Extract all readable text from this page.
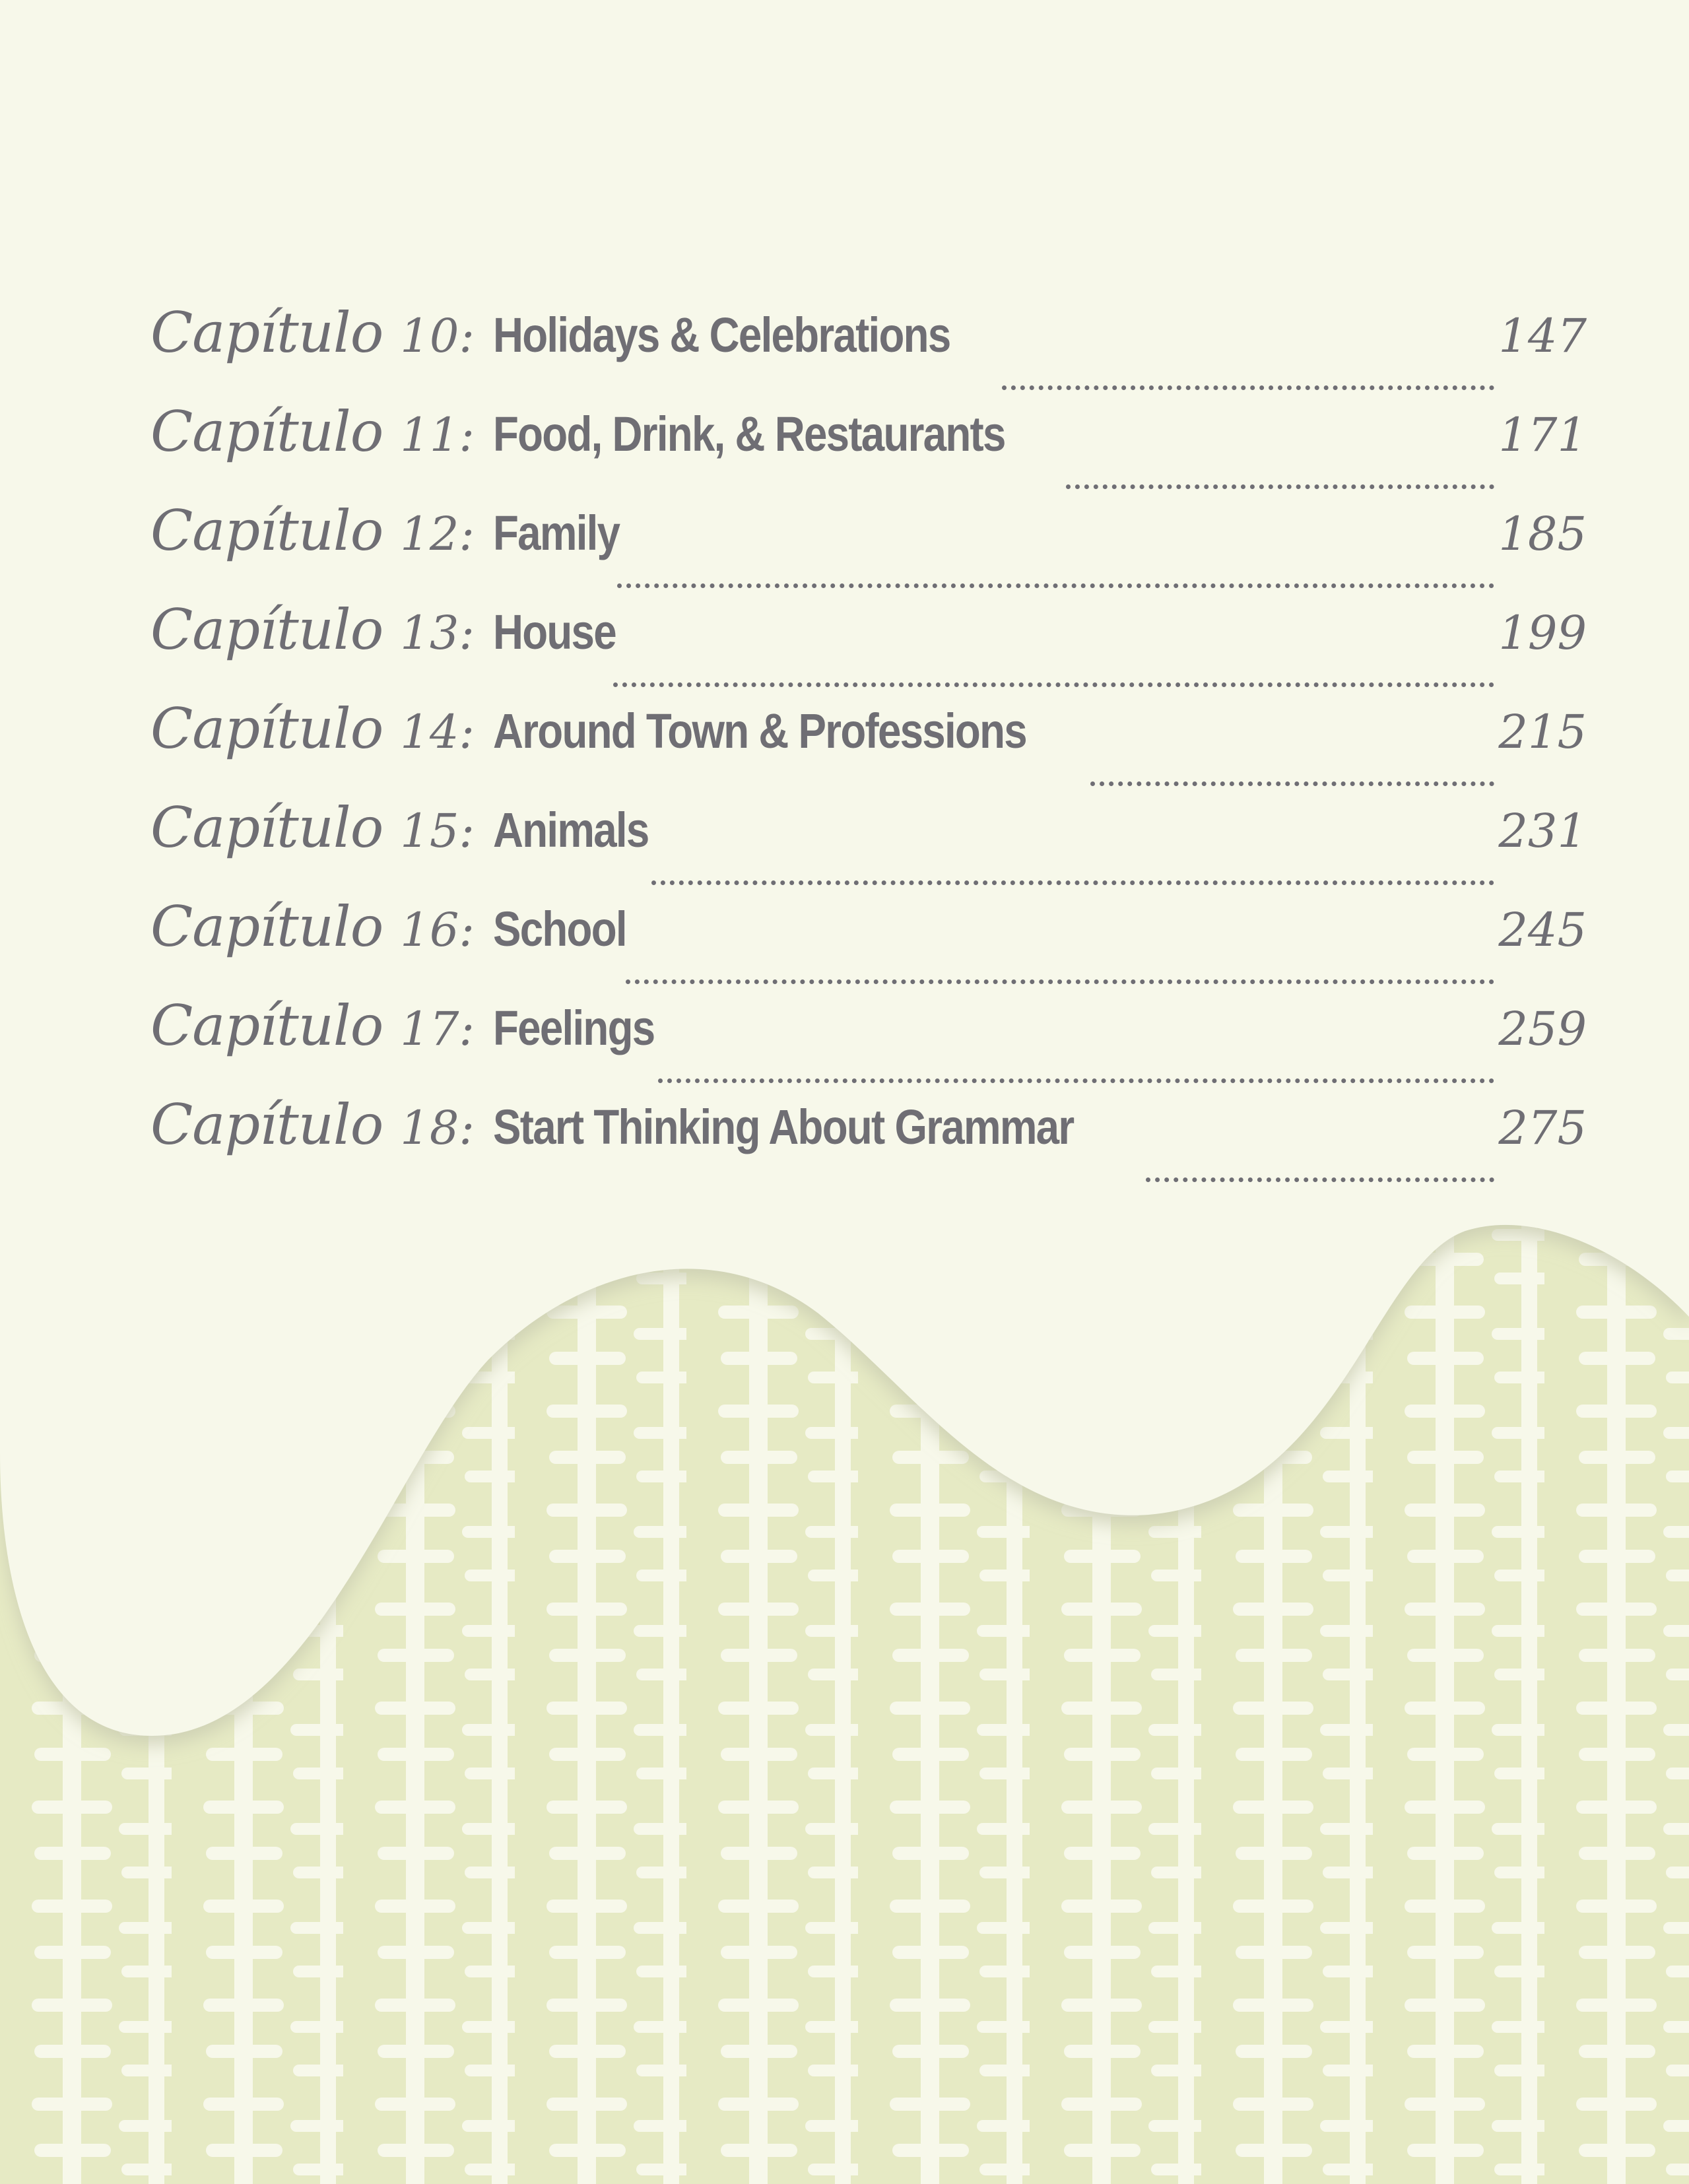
Capítulo 10: Holidays & Celebrations	147
Capítulo 11: Food, Drink, & Restaurants	171
Capítulo 12: Family	185
Capítulo 13: House	199
Capítulo 14: Around Town & Professions	215
Capítulo 15: Animals	231
Capítulo 16: School	245
Capítulo 17: Feelings	259
Capítulo 18: Start Thinking About Grammar	275
